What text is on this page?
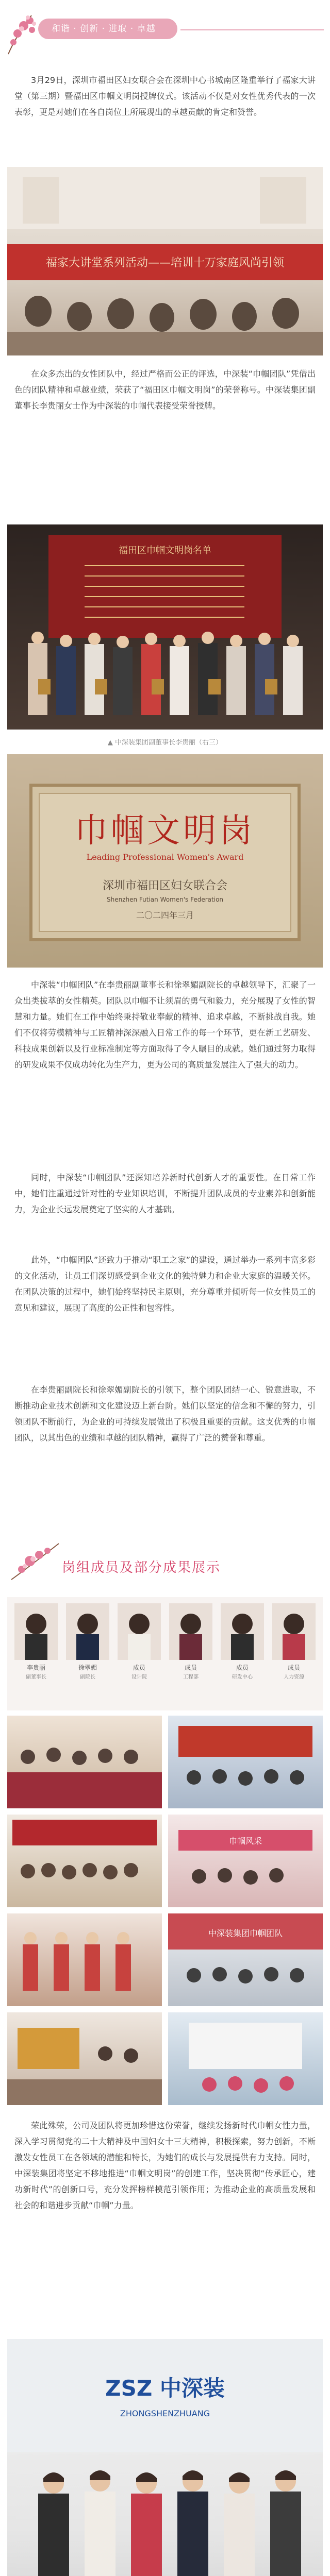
和谐 · 创新 · 进取 · 卓越

3月29日，深圳市福田区妇女联合会在深圳中心书城南区隆重举行了福家大讲堂（第三期）暨福田区巾帼文明岗授牌仪式。该活动不仅是对女性优秀代表的一次表彰，更是对她们在各自岗位上所展现出的卓越贡献的肯定和赞誉。

福家大讲堂系列活动——培训十万家庭风尚引领

在众多杰出的女性团队中，经过严格而公正的评选，中深装“巾帼团队”凭借出色的团队精神和卓越业绩，荣获了“福田区巾帼文明岗”的荣誉称号。中深装集团副董事长李贵丽女士作为中深装的巾帼代表接受荣誉授牌。

福田区巾帼文明岗名单
▲ 中深装集团副董事长李贵丽（右三）
巾帼文明岗
Leading Professional Women's Award
深圳市福田区妇女联合会
Shenzhen Futian Women's Federation
二〇二四年三月

中深装“巾帼团队”在李贵丽副董事长和徐翠媚副院长的卓越领导下，汇聚了一众出类拔萃的女性精英。团队以巾帼不让须眉的勇气和毅力，充分展现了女性的智慧和力量。她们在工作中始终秉持敬业奉献的精神、追求卓越，不断挑战自我。她们不仅将劳模精神与工匠精神深深融入日常工作的每一个环节，更在新工艺研发、科技成果创新以及行业标准制定等方面取得了令人瞩目的成就。她们通过努力取得的研发成果不仅成功转化为生产力，更为公司的高质量发展注入了强大的动力。

同时，中深装“巾帼团队”还深知培养新时代创新人才的重要性。在日常工作中，她们注重通过针对性的专业知识培训，不断提升团队成员的专业素养和创新能力，为企业长远发展奠定了坚实的人才基础。

此外，“巾帼团队”还致力于推动“职工之家”的建设，通过举办一系列丰富多彩的文化活动，让员工们深切感受到企业文化的独特魅力和企业大家庭的温暖关怀。在团队决策的过程中，她们始终坚持民主原则，充分尊重并倾听每一位女性员工的意见和建议，展现了高度的公正性和包容性。

在李贵丽副院长和徐翠媚副院长的引领下，整个团队团结一心、锐意进取，不断推动企业技术创新和文化建设迈上新台阶。她们以坚定的信念和不懈的努力，引领团队不断前行，为企业的可持续发展做出了积极且重要的贡献。这支优秀的巾帼团队，以其出色的业绩和卓越的团队精神，赢得了广泛的赞誉和尊重。

岗组成员及部分成果展示
李贵丽
副董事长
徐翠媚
副院长
成员
设计院
成员
工程部
成员
研发中心
成员
人力资源
巾帼风采
中深装集团巾帼团队

荣此殊荣，公司及团队将更加珍惜这份荣誉，继续发扬新时代巾帼女性力量，深入学习贯彻党的二十大精神及中国妇女十三大精神，积极探索，努力创新，不断激发女性员工在各领域的潜能和特长，为她们的成长与发展提供有力支持。同时，中深装集团将坚定不移地推进“巾帼文明岗”的创建工作，坚决贯彻“传承匠心，建功新时代”的创新口号，充分发挥榜样模范引领作用；为推动企业的高质量发展和社会的和谐进步贡献“巾帼”力量。

ZSZ 中深装
ZHONGSHENZHUANG
